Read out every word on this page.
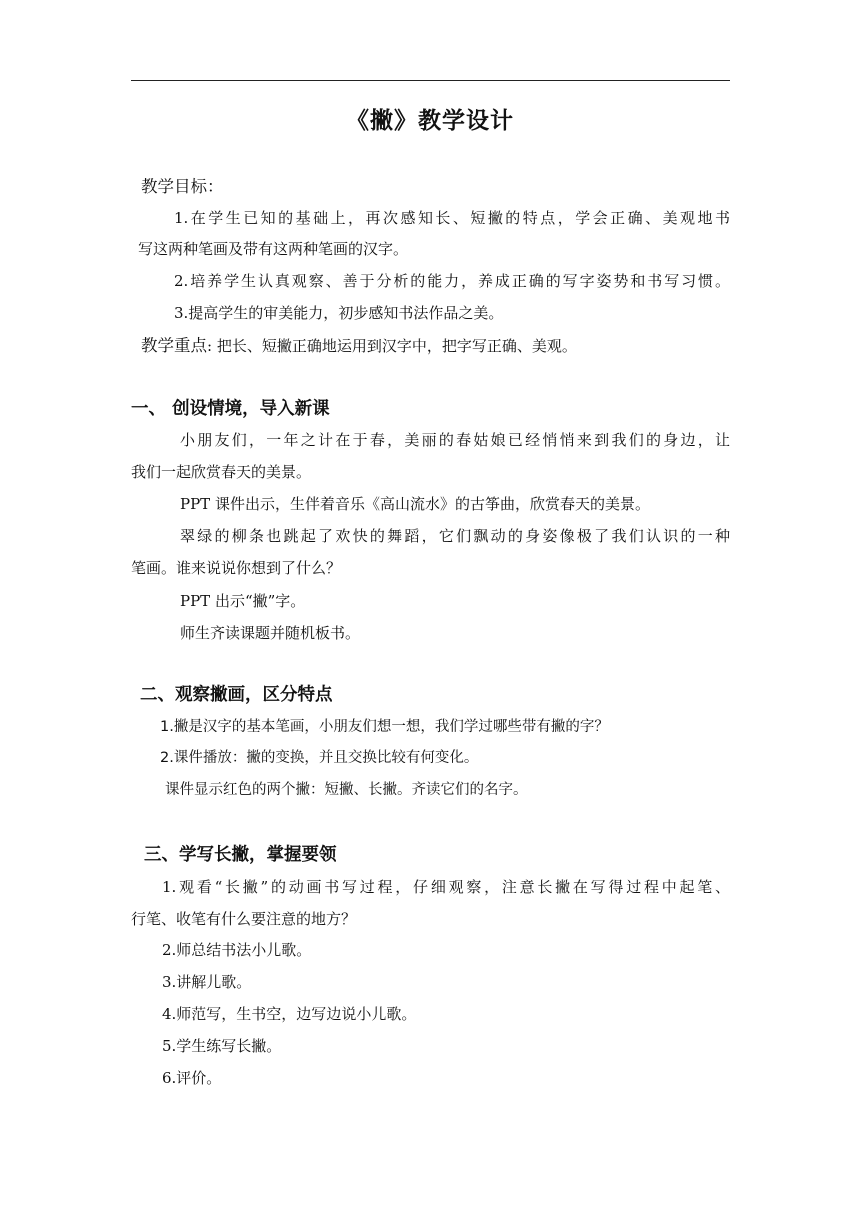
《撇》教学设计
教学目标：
1.在学生已知的基础上，再次感知长、短撇的特点，学会正确、美观地书
写这两种笔画及带有这两种笔画的汉字。
2.培养学生认真观察、善于分析的能力，养成正确的写字姿势和书写习惯。
3.提高学生的审美能力，初步感知书法作品之美。
教学重点: 把长、短撇正确地运用到汉字中，把字写正确、美观。
一、 创设情境，导入新课
小朋友们，一年之计在于春，美丽的春姑娘已经悄悄来到我们的身边，让
我们一起欣赏春天的美景。
PPT 课件出示，生伴着音乐《高山流水》的古筝曲，欣赏春天的美景。
翠绿的柳条也跳起了欢快的舞蹈，它们飘动的身姿像极了我们认识的一种
笔画。谁来说说你想到了什么？
PPT 出示“撇”字。
师生齐读课题并随机板书。
二、观察撇画，区分特点
1.撇是汉字的基本笔画，小朋友们想一想，我们学过哪些带有撇的字？
2.课件播放：撇的变换，并且交换比较有何变化。
课件显示红色的两个撇：短撇、长撇。齐读它们的名字。
三、学写长撇，掌握要领
1.观看“长撇”的动画书写过程，仔细观察，注意长撇在写得过程中起笔、
行笔、收笔有什么要注意的地方？
2.师总结书法小儿歌。
3.讲解儿歌。
4.师范写，生书空，边写边说小儿歌。
5.学生练写长撇。
6.评价。
